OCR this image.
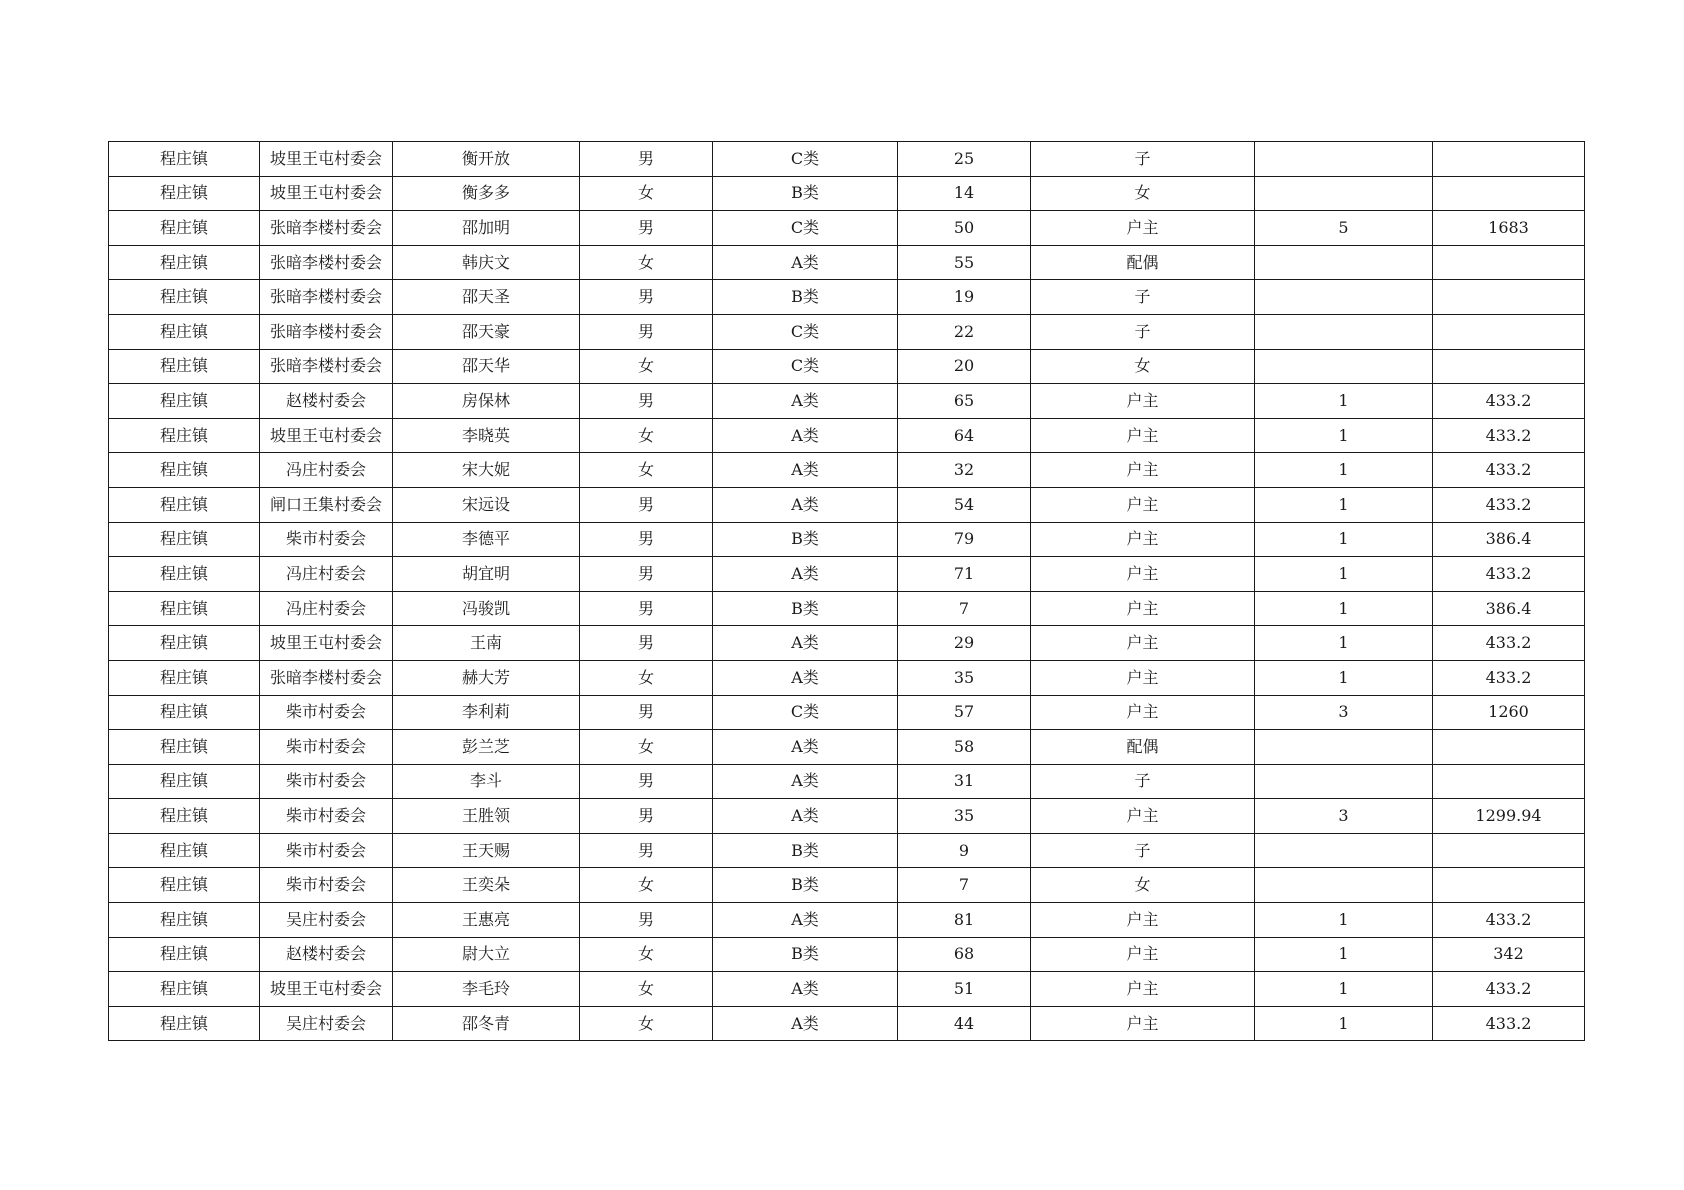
程庄镇	坡里王屯村委会	衡开放	男	C类	25	子		
程庄镇	坡里王屯村委会	衡多多	女	B类	14	女		
程庄镇	张暗李楼村委会	邵加明	男	C类	50	户主	5	1683
程庄镇	张暗李楼村委会	韩庆文	女	A类	55	配偶		
程庄镇	张暗李楼村委会	邵天圣	男	B类	19	子		
程庄镇	张暗李楼村委会	邵天豪	男	C类	22	子		
程庄镇	张暗李楼村委会	邵天华	女	C类	20	女		
程庄镇	赵楼村委会	房保林	男	A类	65	户主	1	433.2
程庄镇	坡里王屯村委会	李晓英	女	A类	64	户主	1	433.2
程庄镇	冯庄村委会	宋大妮	女	A类	32	户主	1	433.2
程庄镇	闸口王集村委会	宋远设	男	A类	54	户主	1	433.2
程庄镇	柴市村委会	李德平	男	B类	79	户主	1	386.4
程庄镇	冯庄村委会	胡宜明	男	A类	71	户主	1	433.2
程庄镇	冯庄村委会	冯骏凯	男	B类	7	户主	1	386.4
程庄镇	坡里王屯村委会	王南	男	A类	29	户主	1	433.2
程庄镇	张暗李楼村委会	赫大芳	女	A类	35	户主	1	433.2
程庄镇	柴市村委会	李利莉	男	C类	57	户主	3	1260
程庄镇	柴市村委会	彭兰芝	女	A类	58	配偶		
程庄镇	柴市村委会	李斗	男	A类	31	子		
程庄镇	柴市村委会	王胜领	男	A类	35	户主	3	1299.94
程庄镇	柴市村委会	王天赐	男	B类	9	子		
程庄镇	柴市村委会	王奕朵	女	B类	7	女		
程庄镇	吴庄村委会	王惠亮	男	A类	81	户主	1	433.2
程庄镇	赵楼村委会	尉大立	女	B类	68	户主	1	342
程庄镇	坡里王屯村委会	李毛玲	女	A类	51	户主	1	433.2
程庄镇	吴庄村委会	邵冬青	女	A类	44	户主	1	433.2
